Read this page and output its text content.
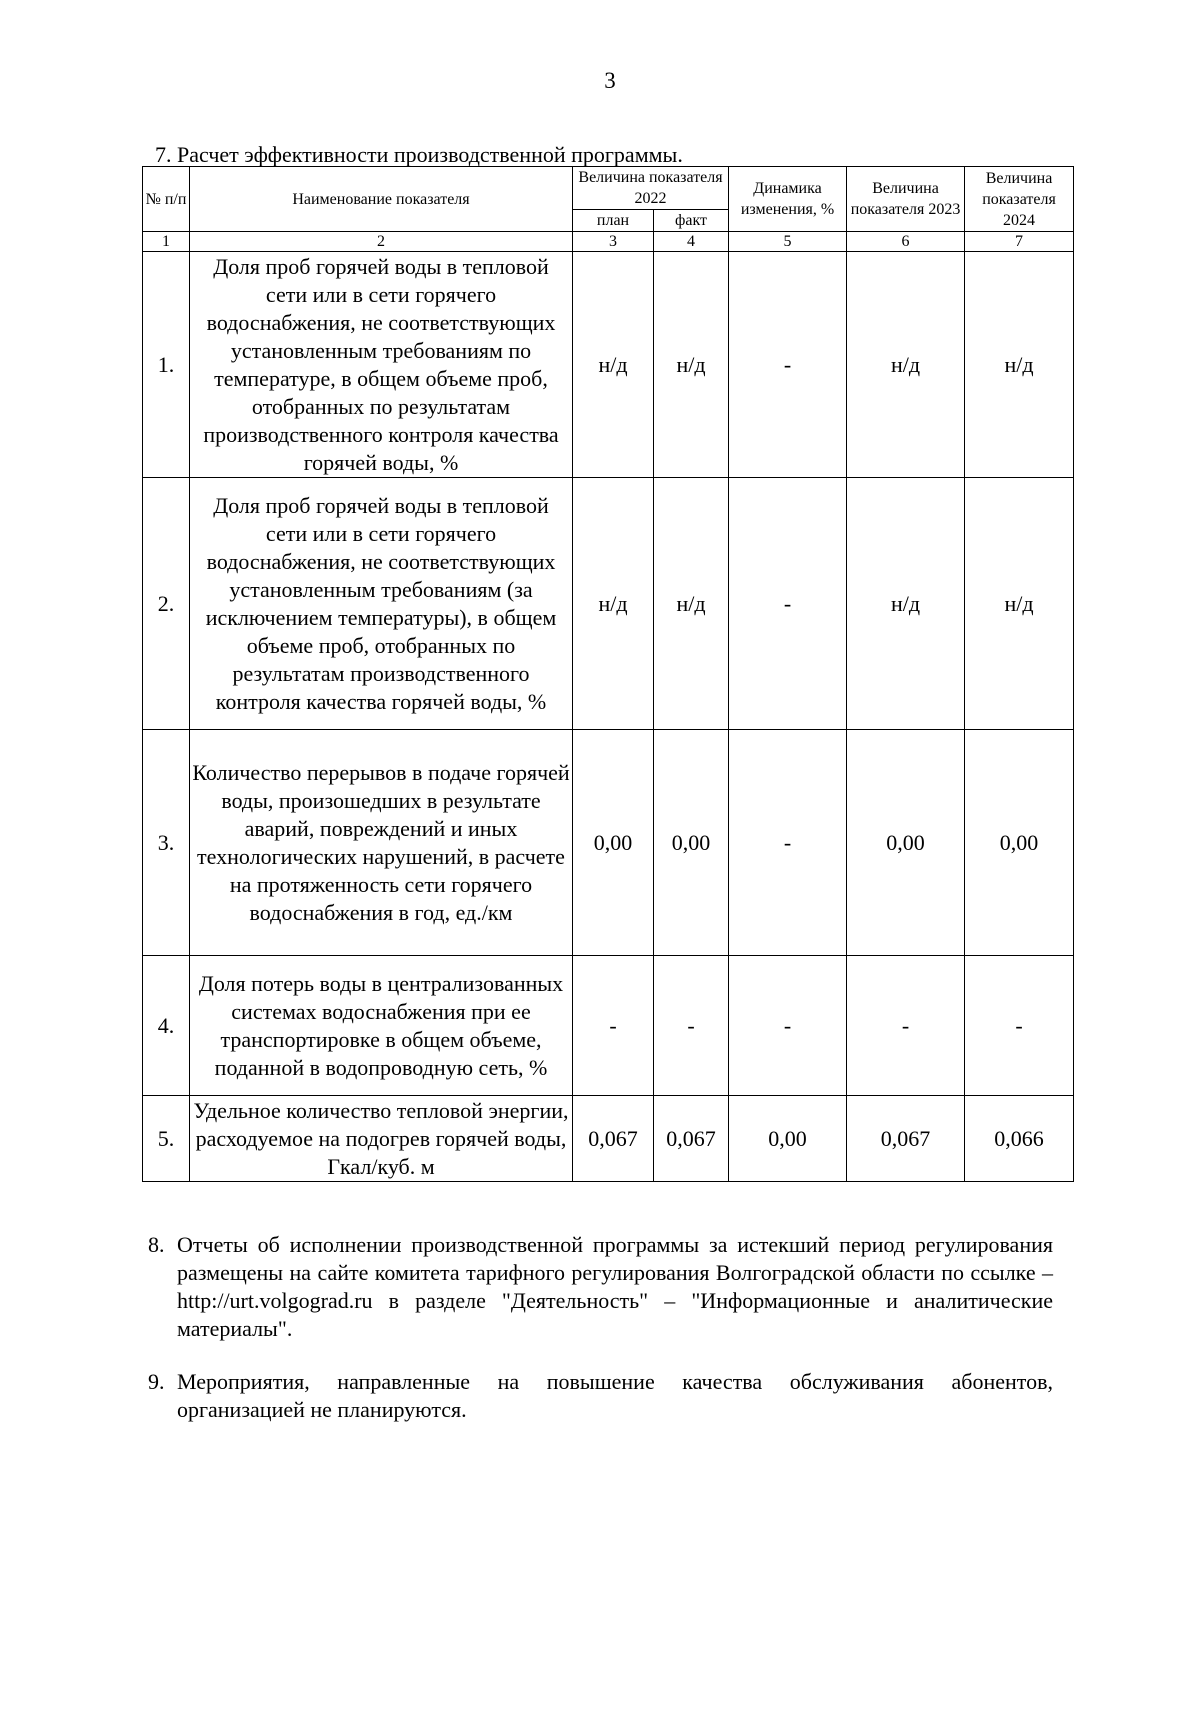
3
7. Расчет эффективности производственной программы.
№ п/п	Наименование показателя	Величина показателя 2022		Динамика изменения, %	Величина показателя 2023	Величина показателя 2024
		план	факт			
1	2	3	4	5	6	7
1.	Доля проб горячей воды в тепловой сети или в сети горячего водоснабжения, не соответствующих установленным требованиям по температуре, в общем объеме проб, отобранных по результатам производственного контроля качества горячей воды, %	н/д	н/д	-	н/д	н/д
2.	Доля проб горячей воды в тепловой сети или в сети горячего водоснабжения, не соответствующих установленным требованиям (за исключением температуры), в общем объеме проб, отобранных по результатам производственного контроля качества горячей воды, %	н/д	н/д	-	н/д	н/д
3.	Количество перерывов в подаче горячей воды, произошедших в результате аварий, повреждений и иных технологических нарушений, в расчете на протяженность сети горячего водоснабжения в год, ед./км	0,00	0,00	-	0,00	0,00
4.	Доля потерь воды в централизованных системах водоснабжения при ее транспортировке в общем объеме, поданной в водопроводную сеть, %	-	-	-	-	-
5.	Удельное количество тепловой энергии, расходуемое на подогрев горячей воды, Гкал/куб. м	0,067	0,067	0,00	0,067	0,066
8. Отчеты об исполнении производственной программы за истекший период регулирования размещены на сайте комитета тарифного регулирования Волгоградской области по ссылке – http://urt.volgograd.ru в разделе "Деятельность" – "Информационные и аналитические материалы".
9. Мероприятия, направленные на повышение качества обслуживания абонентов, организацией не планируются.
